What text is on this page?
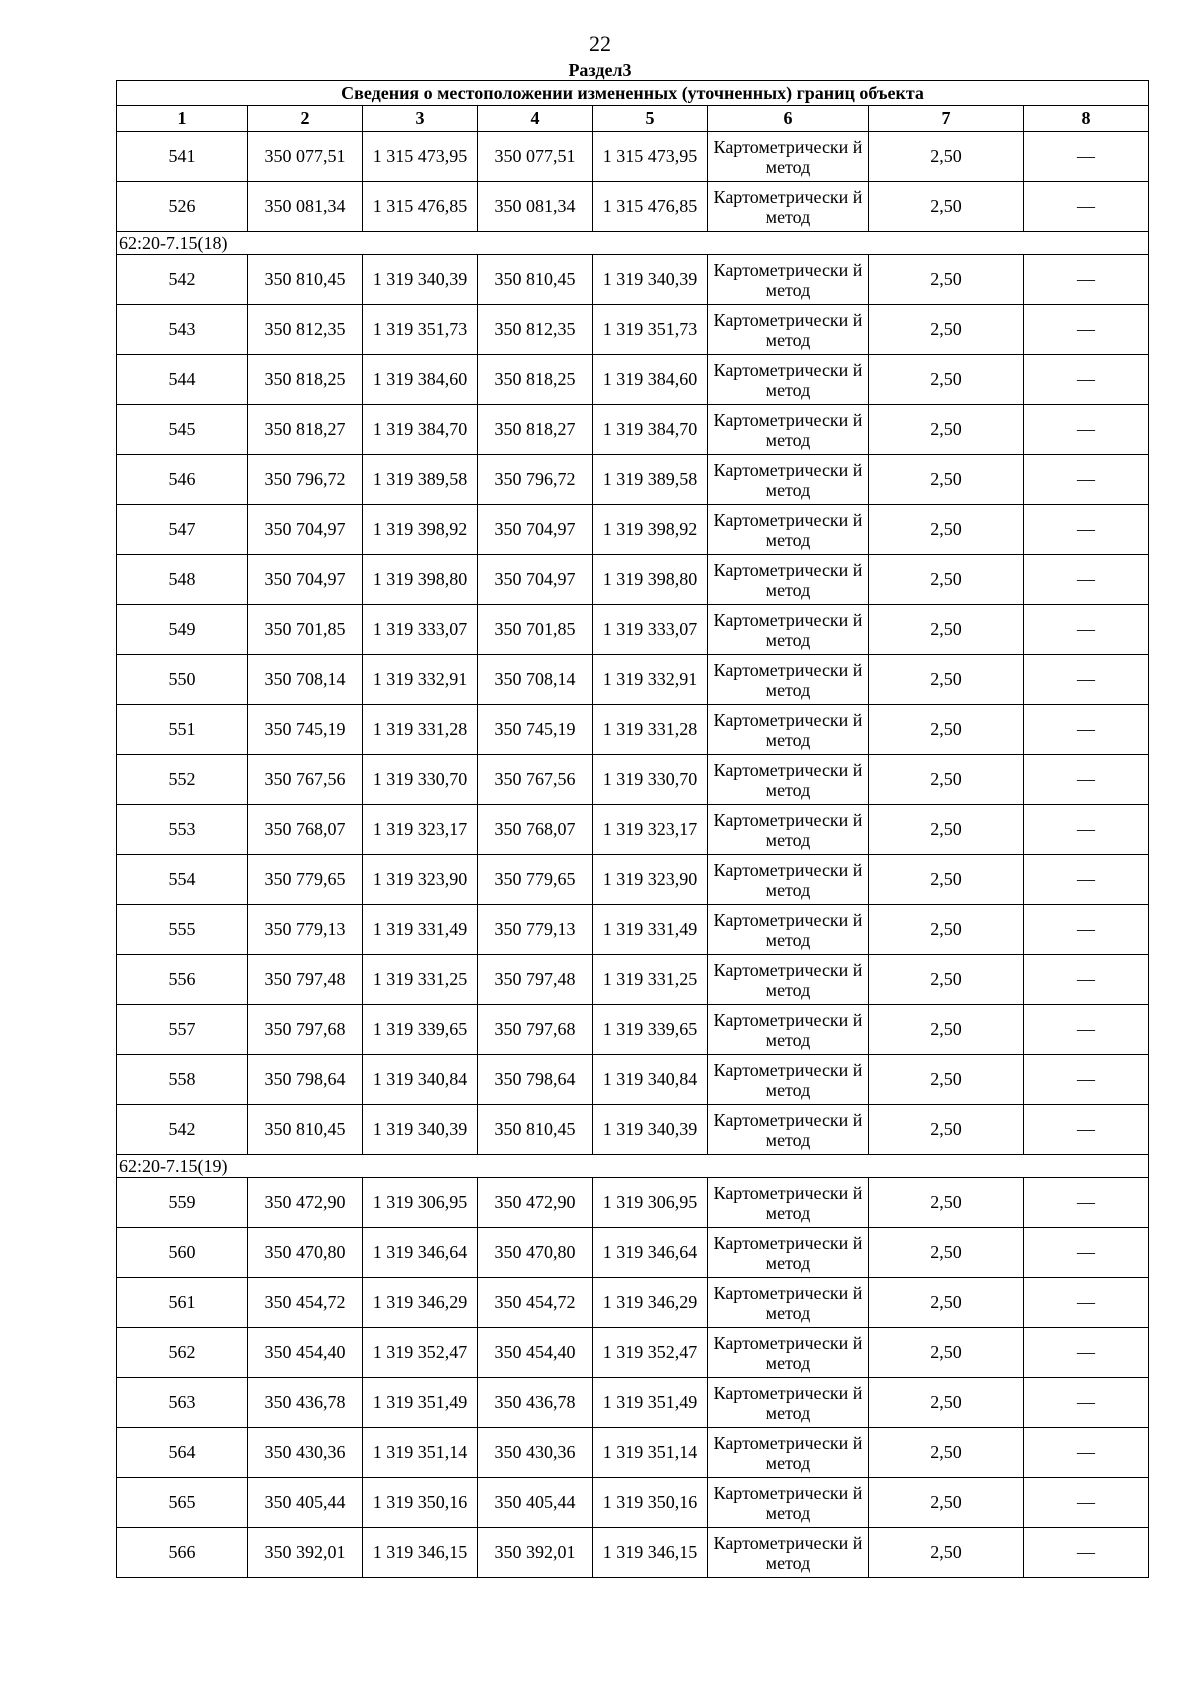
22
Раздел3
Сведения о местоположении измененных (уточненных) границ объекта							
1	2	3	4	5	6	7	8
541	350 077,51	1 315 473,95	350 077,51	1 315 473,95	Картометрически й метод	2,50	—
526	350 081,34	1 315 476,85	350 081,34	1 315 476,85	Картометрически й метод	2,50	—
62:20-7.15(18)							
542	350 810,45	1 319 340,39	350 810,45	1 319 340,39	Картометрически й метод	2,50	—
543	350 812,35	1 319 351,73	350 812,35	1 319 351,73	Картометрически й метод	2,50	—
544	350 818,25	1 319 384,60	350 818,25	1 319 384,60	Картометрически й метод	2,50	—
545	350 818,27	1 319 384,70	350 818,27	1 319 384,70	Картометрически й метод	2,50	—
546	350 796,72	1 319 389,58	350 796,72	1 319 389,58	Картометрически й метод	2,50	—
547	350 704,97	1 319 398,92	350 704,97	1 319 398,92	Картометрически й метод	2,50	—
548	350 704,97	1 319 398,80	350 704,97	1 319 398,80	Картометрически й метод	2,50	—
549	350 701,85	1 319 333,07	350 701,85	1 319 333,07	Картометрически й метод	2,50	—
550	350 708,14	1 319 332,91	350 708,14	1 319 332,91	Картометрически й метод	2,50	—
551	350 745,19	1 319 331,28	350 745,19	1 319 331,28	Картометрически й метод	2,50	—
552	350 767,56	1 319 330,70	350 767,56	1 319 330,70	Картометрически й метод	2,50	—
553	350 768,07	1 319 323,17	350 768,07	1 319 323,17	Картометрически й метод	2,50	—
554	350 779,65	1 319 323,90	350 779,65	1 319 323,90	Картометрически й метод	2,50	—
555	350 779,13	1 319 331,49	350 779,13	1 319 331,49	Картометрически й метод	2,50	—
556	350 797,48	1 319 331,25	350 797,48	1 319 331,25	Картометрически й метод	2,50	—
557	350 797,68	1 319 339,65	350 797,68	1 319 339,65	Картометрически й метод	2,50	—
558	350 798,64	1 319 340,84	350 798,64	1 319 340,84	Картометрически й метод	2,50	—
542	350 810,45	1 319 340,39	350 810,45	1 319 340,39	Картометрически й метод	2,50	—
62:20-7.15(19)							
559	350 472,90	1 319 306,95	350 472,90	1 319 306,95	Картометрически й метод	2,50	—
560	350 470,80	1 319 346,64	350 470,80	1 319 346,64	Картометрически й метод	2,50	—
561	350 454,72	1 319 346,29	350 454,72	1 319 346,29	Картометрически й метод	2,50	—
562	350 454,40	1 319 352,47	350 454,40	1 319 352,47	Картометрически й метод	2,50	—
563	350 436,78	1 319 351,49	350 436,78	1 319 351,49	Картометрически й метод	2,50	—
564	350 430,36	1 319 351,14	350 430,36	1 319 351,14	Картометрически й метод	2,50	—
565	350 405,44	1 319 350,16	350 405,44	1 319 350,16	Картометрически й метод	2,50	—
566	350 392,01	1 319 346,15	350 392,01	1 319 346,15	Картометрически й метод	2,50	—
